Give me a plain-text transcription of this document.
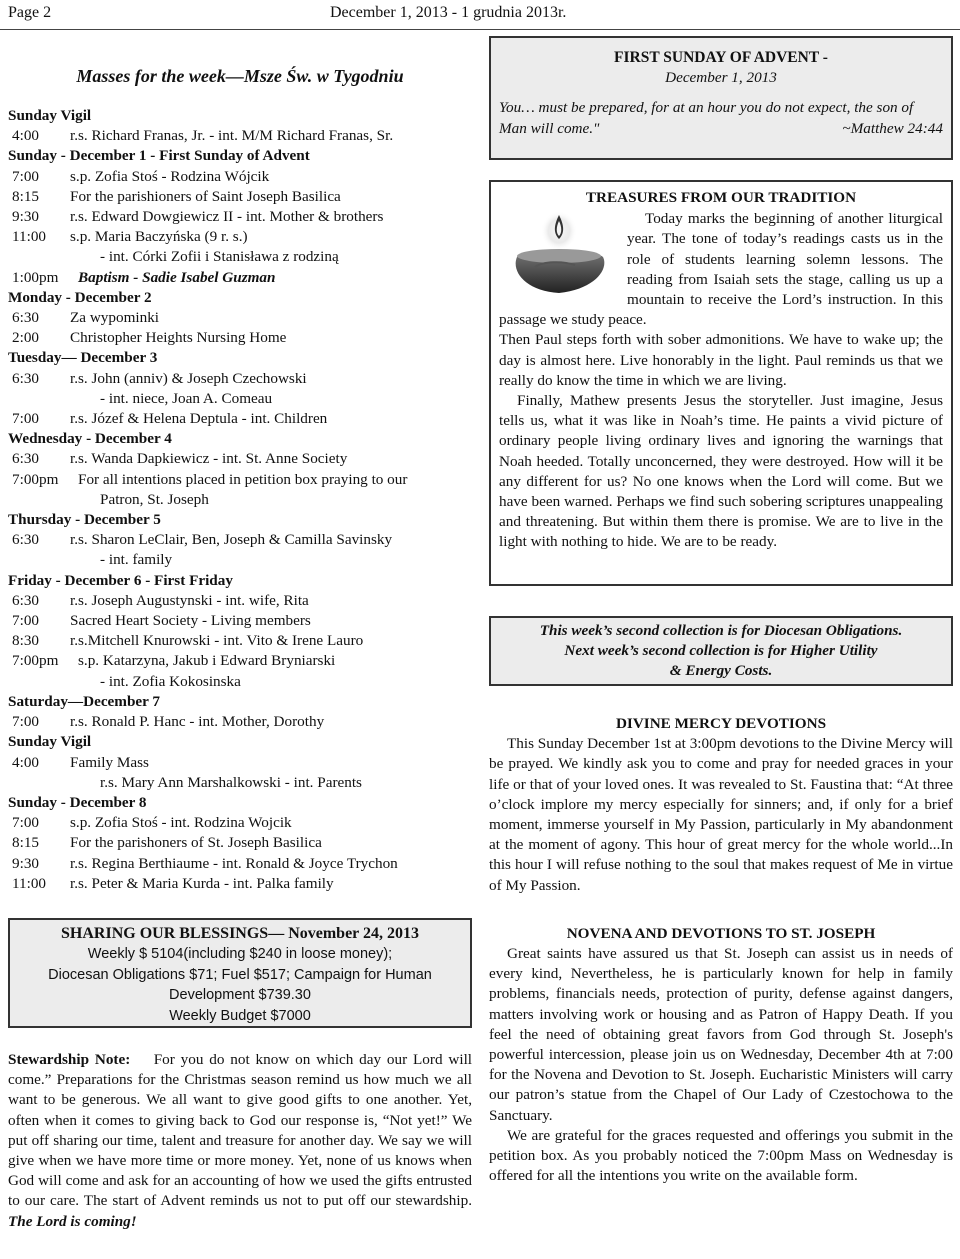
Page 2	December 1, 2013 - 1 grudnia 2013r.
Masses for the week—Msze Św. w Tygodniu
Sunday Vigil
4:00	r.s. Richard Franas, Jr. - int. M/M Richard Franas, Sr.
Sunday - December 1 - First Sunday of Advent
7:00	s.p. Zofia Stoś - Rodzina Wójcik
8:15	For the parishioners of Saint Joseph Basilica
9:30	r.s. Edward Dowgiewicz II - int. Mother & brothers
11:00	s.p. Maria Baczyńska (9 r. s.)
- int. Córki Zofii i Stanisława z rodziną
1:00pm	Baptism - Sadie Isabel Guzman
Monday - December 2
6:30	Za wypominki
2:00	Christopher Heights Nursing Home
Tuesday— December 3
6:30	r.s. John (anniv) & Joseph Czechowski
- int. niece, Joan A. Comeau
7:00	r.s. Józef & Helena Deptula - int. Children
Wednesday - December 4
6:30	r.s. Wanda Dapkiewicz - int. St. Anne Society
7:00pm	For all intentions placed in petition box praying to our
Patron, St. Joseph
Thursday - December 5
6:30	r.s. Sharon LeClair, Ben, Joseph & Camilla Savinsky
- int. family
Friday - December 6 - First Friday
6:30	r.s. Joseph Augustynski - int. wife, Rita
7:00	Sacred Heart Society - Living members
8:30	r.s.Mitchell Knurowski - int. Vito & Irene Lauro
7:00pm	s.p. Katarzyna, Jakub i Edward Bryniarski
- int. Zofia Kokosinska
Saturday—December 7
7:00	r.s. Ronald P. Hanc - int. Mother, Dorothy
Sunday Vigil
4:00	Family Mass
r.s. Mary Ann Marshalkowski - int. Parents
Sunday - December 8
7:00	s.p. Zofia Stoś - int. Rodzina Wojcik
8:15	For the parishoners of St. Joseph Basilica
9:30	r.s. Regina Berthiaume - int. Ronald & Joyce Trychon
11:00	r.s. Peter & Maria Kurda - int. Palka family
SHARING OUR BLESSINGS— November 24, 2013
Weekly $ 5104(including $240 in loose money);
Diocesan Obligations $71; Fuel $517; Campaign for Human
Development $739.30
Weekly Budget $7000
Stewardship Note: For you do not know on which day our Lord will come.” Preparations for the Christmas season remind us how much we all want to be generous. We all want to give good gifts to one another. Yet, often when it comes to giving back to God our response is, “Not yet!” We put off sharing our time, talent and treasure for another day. We say we will give when we have more time or more money. Yet, none of us knows when God will come and ask for an accounting of how we used the gifts entrusted to our care. The start of Advent reminds us not to put off our stewardship. The Lord is coming!
FIRST SUNDAY OF ADVENT -
December 1, 2013
You… must be prepared, for at an hour you do not expect, the son of Man will come."	~Matthew 24:44
TREASURES FROM OUR TRADITION
Today marks the beginning of another liturgical year. The tone of today’s readings casts us in the role of students learning solemn lessons. The reading from Isaiah sets the stage, calling us up a mountain to receive the Lord’s instruction. In this passage we study peace.
Then Paul steps forth with sober admonitions. We have to wake up; the day is almost here. Live honorably in the light. Paul reminds us that we really do know the time in which we are living.
Finally, Mathew presents Jesus the storyteller. Just imagine, Jesus tells us, what it was like in Noah’s time. He paints a vivid picture of ordinary people living ordinary lives and ignoring the warnings that Noah heeded. Totally unconcerned, they were destroyed. How will it be any different for us? No one knows when the Lord will come. But we have been warned. Perhaps we find such sobering scriptures unappealing and threatening. But within them there is promise. We are to live in the light with nothing to hide. We are to be ready.
This week’s second collection is for Diocesan Obligations.
Next week’s second collection is for Higher Utility
& Energy Costs.
DIVINE MERCY DEVOTIONS
This Sunday December 1st at 3:00pm devotions to the Divine Mercy will be prayed. We kindly ask you to come and pray for needed graces in your life or that of your loved ones. It was revealed to St. Faustina that: “At three o’clock implore my mercy especially for sinners; and, if only for a brief moment, immerse yourself in My Passion, particularly in My abandonment at the moment of agony. This hour of great mercy for the whole world...In this hour I will refuse nothing to the soul that makes request of Me in virtue of My Passion.
NOVENA AND DEVOTIONS TO ST. JOSEPH
Great saints have assured us that St. Joseph can assist us in needs of every kind, Nevertheless, he is particularly known for help in family problems, financials needs, protection of purity, defense against dangers, matters involving work or housing and as Patron of Happy Death. If you feel the need of obtaining great favors from God through St. Joseph's powerful intercession, please join us on Wednesday, December 4th at 7:00 for the Novena and Devotion to St. Joseph. Eucharistic Ministers will carry our patron’s statue from the Chapel of Our Lady of Czestochowa to the Sanctuary.
We are grateful for the graces requested and offerings you submit in the petition box. As you probably noticed the 7:00pm Mass on Wednesday is offered for all the intentions you write on the available form.
